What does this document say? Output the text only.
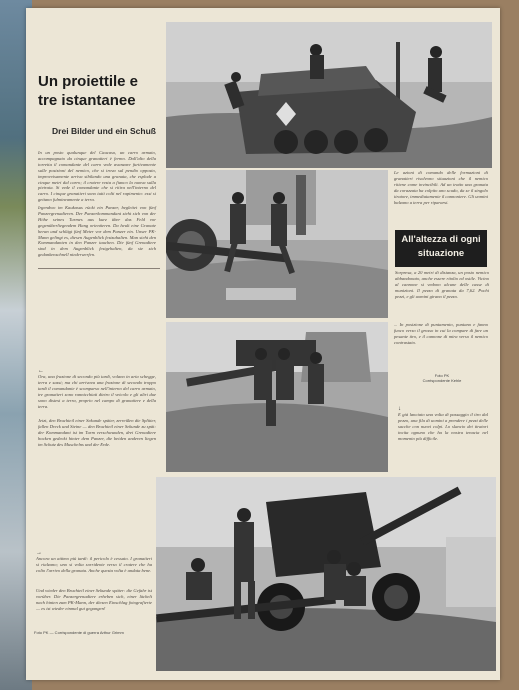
Un proiettile e tre istantanee
Drei Bilder und ein Schuß
In un posto qualunque del Caucaso, un carro armato, accompagnato da cinque granatieri è fermo. Dall'alto della torretta il comandante del carro vede avanzare furtivamente sulle posizioni del nemico, che si trova sul pendio opposto, improvvisamente arriva sibilando una granata, che esplode a cinque metri dal carro; il cratere resta a fianco la nuova sulla pietraia. Si vede il comandante che si ritira nell'interno del carro. I cinque granatieri sono tutti colti nel rapimento: essi si gettano fulmineamente a terra.
Irgendwo im Kaukasus rückt ein Panzer, begleitet von fünf Panzergrenadieren. Der Panzerkommandant sieht sich von der Höhe seines Turmes aus kurz über das Feld vor gegenüberliegendem Hang orientieren. Da heult eine Granate heran und schlägt fünf Meter vor dem Panzer ein. Unser PK-Mann gelingt es, diesen Augenblick festzuhalten. Man sieht den Kommandanten in den Panzer tauchen. Die fünf Grenadiere sind in dem Augenblick festgehalten, da sie sich gedankenschnell niederwerfen.
Le azioni di comando delle formazioni di granatieri risolvono situazioni che il nemico ritiene come invincibili. Ad un tratto una granata da corazzata ha colpito uno scudo, da se il singolo tiratore, immediatamente il cannoniere. Gli uomini balzano a terra per ripararsi.
All'altezza di ogni situazione
Sorpresa, a 20 metri di distanza, un posto nemico abbandonato, anche essere ritolto ed ostile. Vicino al cannone si vedono alcune delle casse di munizioni. Il pezzo di granata da 7,62. Pochi pezzi, e gli uomini girano il pezzo.
←
Ora, una frazione di secondo più tardi, volano in aria schegge, terra e sassi; ma chi arrivava una frazione di secondo troppo tardi il comandante è scomparso nell'interno del carro armato, tre granatieri sono rannicchiati dietro il veicolo e gli altri due sono distesi a terra, proprio nel campo di granatiere e della terra.
Jetzt, den Bruchteil einer Sekunde später, zerreißen die Splitter, fallen Dreck und Steine — den Bruchteil einer Sekunde zu spät: der Kommandant ist im Turm verschwunden, drei Grenadiere hocken gedeckt hinter dem Panzer, die beiden anderen liegen im Schutz des Muschelns und der Erde.
... In posizione di puntamento, puntano e fanno fuoco verso il grosso in cui la compare di fare un pesante tiro, e il cannone di mira verso il nemico contrastato.

Foto PK
Corrispondente Kehle

↓
E già lanciato una volta di passaggio il tiro dal pezzo, una fila di uomini a prendere i pezzi delle sacche con nuovi colpi. Lo slancio dei tiratori incita ognuno che ha la nostra tenacia nel momento più difficile.
→
Ancora un attimo più tardi: il pericolo è cessato. I granatieri si rialzano; uno si volta sorridente verso il cratere che ha colto l'arrivo della granata. Anche questa volta è andata bene.
Und wieder den Bruchteil einer Sekunde später: die Gefahr ist vorüber. Die Panzergrenadiere erheben sich, einer lächelt nach hinten zum PK-Mann, der diesen Einschlag fotografierte — es ist wieder einmal gut gegangen!
Foto PK — Corrispondente di guerra Arthur Grimm
